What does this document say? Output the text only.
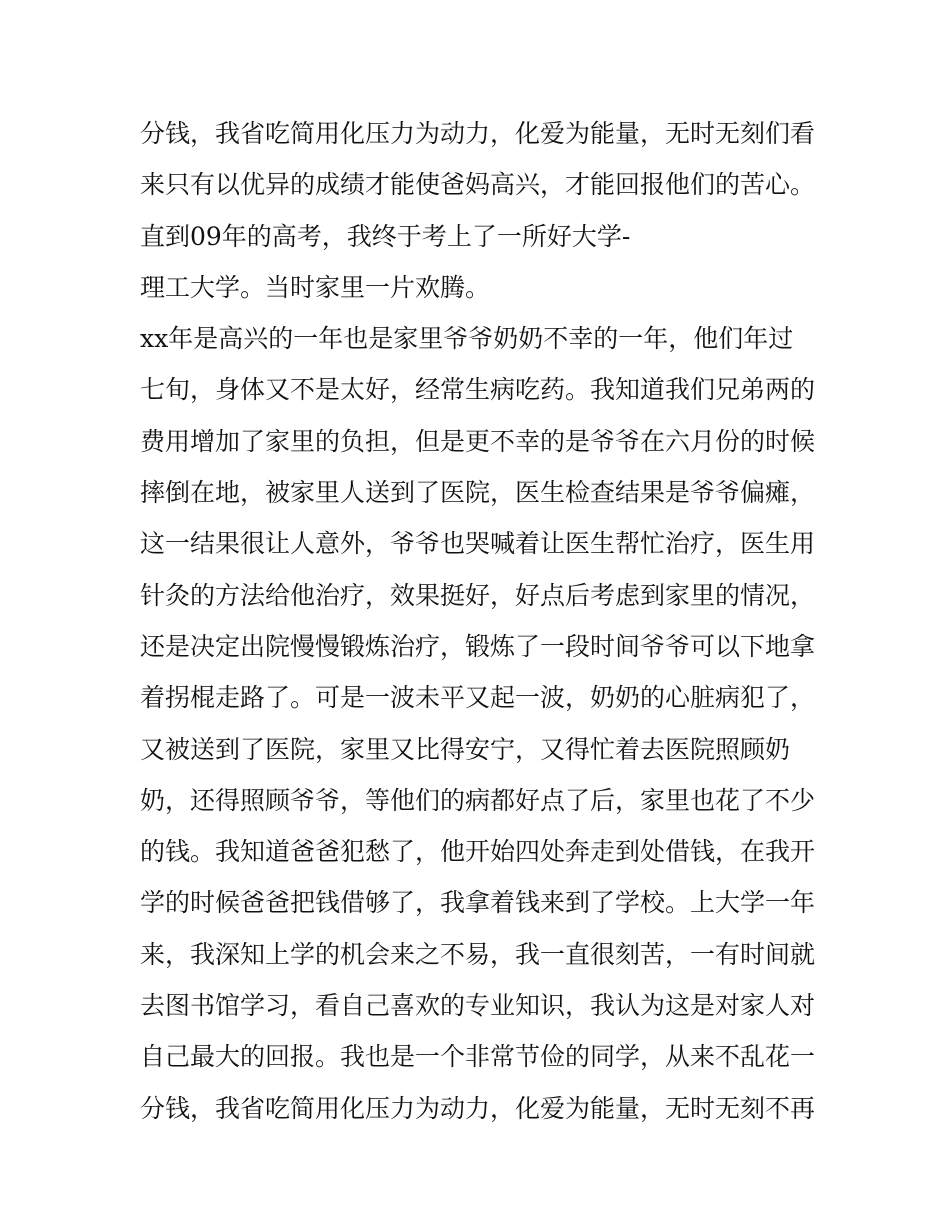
分钱，我省吃简用化压力为动力，化爱为能量，无时无刻们看
来只有以优异的成绩才能使爸妈高兴，才能回报他们的苦心。
直到09年的高考，我终于考上了一所好大学-
理工大学。当时家里一片欢腾。
xx年是高兴的一年也是家里爷爷奶奶不幸的一年，他们年过
七旬，身体又不是太好，经常生病吃药。我知道我们兄弟两的
费用增加了家里的负担，但是更不幸的是爷爷在六月份的时候
摔倒在地，被家里人送到了医院，医生检查结果是爷爷偏瘫，
这一结果很让人意外，爷爷也哭喊着让医生帮忙治疗，医生用
针灸的方法给他治疗，效果挺好，好点后考虑到家里的情况，
还是决定出院慢慢锻炼治疗，锻炼了一段时间爷爷可以下地拿
着拐棍走路了。可是一波未平又起一波，奶奶的心脏病犯了，
又被送到了医院，家里又比得安宁，又得忙着去医院照顾奶
奶，还得照顾爷爷，等他们的病都好点了后，家里也花了不少
的钱。我知道爸爸犯愁了，他开始四处奔走到处借钱，在我开
学的时候爸爸把钱借够了，我拿着钱来到了学校。上大学一年
来，我深知上学的机会来之不易，我一直很刻苦，一有时间就
去图书馆学习，看自己喜欢的专业知识，我认为这是对家人对
自己最大的回报。我也是一个非常节俭的同学，从来不乱花一
分钱，我省吃简用化压力为动力，化爱为能量，无时无刻不再
